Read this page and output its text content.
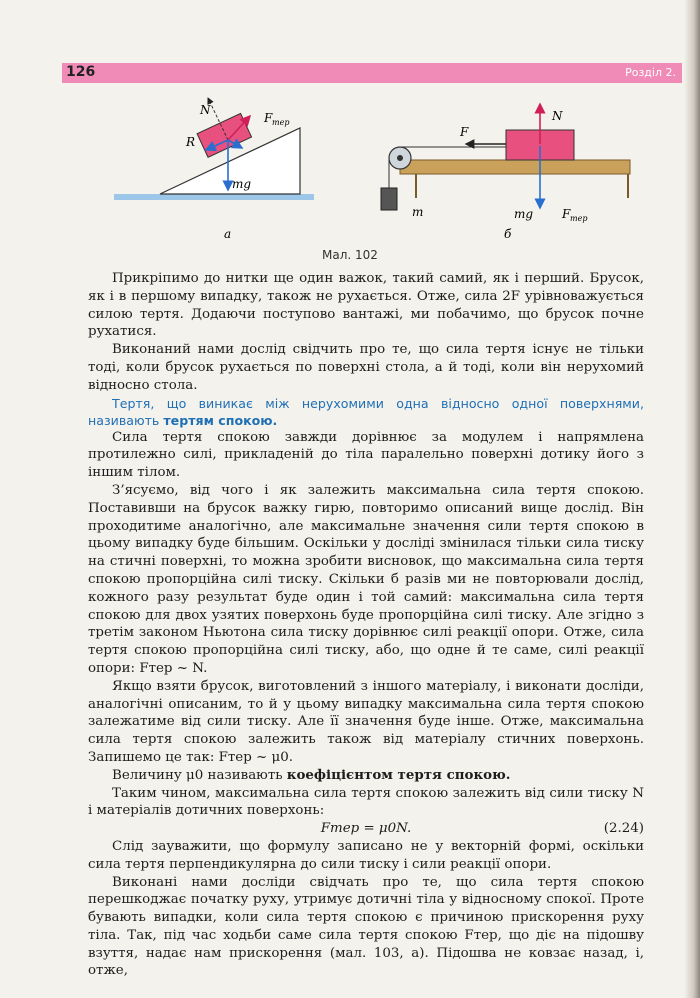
126	Розділ 2.
N
R
F тер
mg
а
F
N
m	mg F тер
б
Мал. 102

Прикріпимо до нитки ще один важок, такий самий, як і перший. Брусок, як і в першому випадку, також не рухається. Отже, сила 2F урівноважується силою тертя. Додаючи поступово вантажі, ми побачимо, що брусок почне рухатися.

Виконаний нами дослід свідчить про те, що сила тертя існує не тільки тоді, коли брусок рухається по поверхні стола, а й тоді, коли він нерухомий відносно стола.

Тертя, що виникає між нерухомими одна відносно одної поверхнями, називають тертям спокою.

Сила тертя спокою завжди дорівнює за модулем і напрямлена протилежно силі, прикладеній до тіла паралельно поверхні дотику його з іншим тілом.

З’ясуємо, від чого і як залежить максимальна сила тертя спокою. Поставивши на брусок важку гирю, повторимо описаний вище дослід. Він проходитиме аналогічно, але максимальне значення сили тертя спокою в цьому випадку буде більшим. Оскільки у досліді змінилася тільки сила тиску на стичні поверхні, то можна зробити висновок, що максимальна сила тертя спокою пропорційна силі тиску. Скільки б разів ми не повторювали дослід, кожного разу результат буде один і той самий: максимальна сила тертя спокою для двох узятих поверхонь буде пропорційна силі тиску. Але згідно з третім законом Ньютона сила тиску дорівнює силі реакції опори. Отже, сила тертя спокою пропорційна силі тиску, або, що одне й те саме, силі реакції опори: Fтер ~ N.

Якщо взяти брусок, виготовлений з іншого матеріалу, і виконати досліди, аналогічні описаним, то й у цьому випадку максимальна сила тертя спокою залежатиме від сили тиску. Але її значення буде інше. Отже, максимальна сила тертя спокою залежить також від матеріалу стичних поверхонь. Запишемо це так: Fтер ~ μ0.

Величину μ0 називають коефіцієнтом тертя спокою.

Таким чином, максимальна сила тертя спокою залежить від сили тиску N і матеріалів дотичних поверхонь:

Fтер = μ0N.	(2.24)

Слід зауважити, що формулу записано не у векторній формі, оскільки сила тертя перпендикулярна до сили тиску і сили реакції опори.

Виконані нами досліди свідчать про те, що сила тертя спокою перешкоджає початку руху, утримує дотичні тіла у відносному спокої. Проте бувають випадки, коли сила тертя спокою є причиною прискорення руху тіла. Так, під час ходьби саме сила тертя спокою Fтер, що діє на підошву взуття, надає нам прискорення (мал. 103, а). Підошва не ковзає назад, і, отже,
